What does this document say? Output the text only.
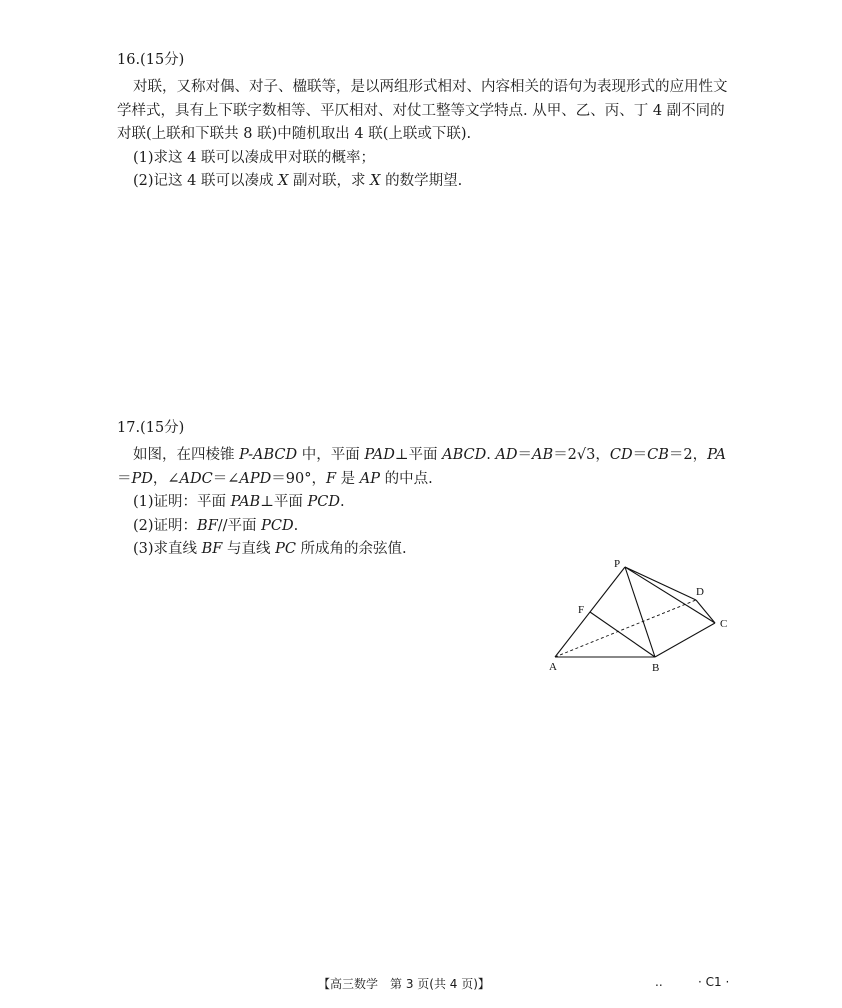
16.(15分)

对联，又称对偶、对子、楹联等，是以两组形式相对、内容相关的语句为表现形式的应用性文

学样式，具有上下联字数相等、平仄相对、对仗工整等文学特点. 从甲、乙、丙、丁 4 副不同的

对联(上联和下联共 8 联)中随机取出 4 联(上联或下联).

(1)求这 4 联可以凑成甲对联的概率；

(2)记这 4 联可以凑成 X 副对联，求 X 的数学期望.

17.(15分)

如图，在四棱锥 P-ABCD 中，平面 PAD⊥平面 ABCD. AD＝AB＝2√3，CD＝CB＝2，PA

＝PD，∠ADC＝∠APD＝90°，F 是 AP 的中点.

(1)证明：平面 PAB⊥平面 PCD.

(2)证明：BF//平面 PCD.

(3)求直线 BF 与直线 PC 所成角的余弦值.

P
D
C
F
A	B
【高三数学　第 3 页(共 4 页)】	..	· C1 ·
